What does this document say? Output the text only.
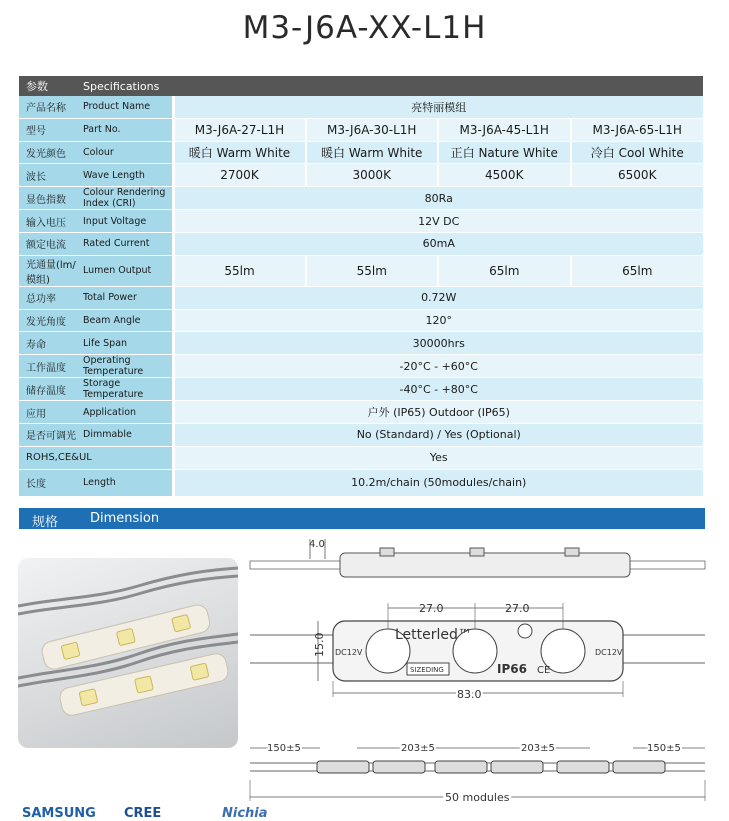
M3-J6A-XX-L1H
参数	Specifications				
产品名称	Product Name	亮特丽模组			
型号	Part No.	M3-J6A-27-L1H	M3-J6A-30-L1H	M3-J6A-45-L1H	M3-J6A-65-L1H
发光颜色	Colour	暖白 Warm White	暖白 Warm White	正白 Nature White	冷白 Cool White
波长	Wave Length	2700K	3000K	4500K	6500K
显色指数	Colour Rendering Index (CRI)	80Ra			
输入电压	Input Voltage	12V DC			
额定电流	Rated Current	60mA			
光通量(lm/模组)	Lumen Output	55lm	55lm	65lm	65lm
总功率	Total Power	0.72W			
发光角度	Beam Angle	120°			
寿命	Life Span	30000hrs			
工作温度	Operating Temperature	-20°C - +60°C			
储存温度	Storage Temperature	-40°C - +80°C			
应用	Application	户外 (IP65) Outdoor (IP65)			
是否可调光	Dimmable	No (Standard) / Yes (Optional)			
ROHS,CE&UL		Yes			
长度	Length	10.2m/chain (50modules/chain)			
规格 Dimension
4.0
Letterled™
IP66 CE
DC12V	DC12V
SIZEDING
27.0	27.0
15.0
83.0
150±5	203±5	203±5	150±5
50 modules
SAMSUNG CREE	Nichia
